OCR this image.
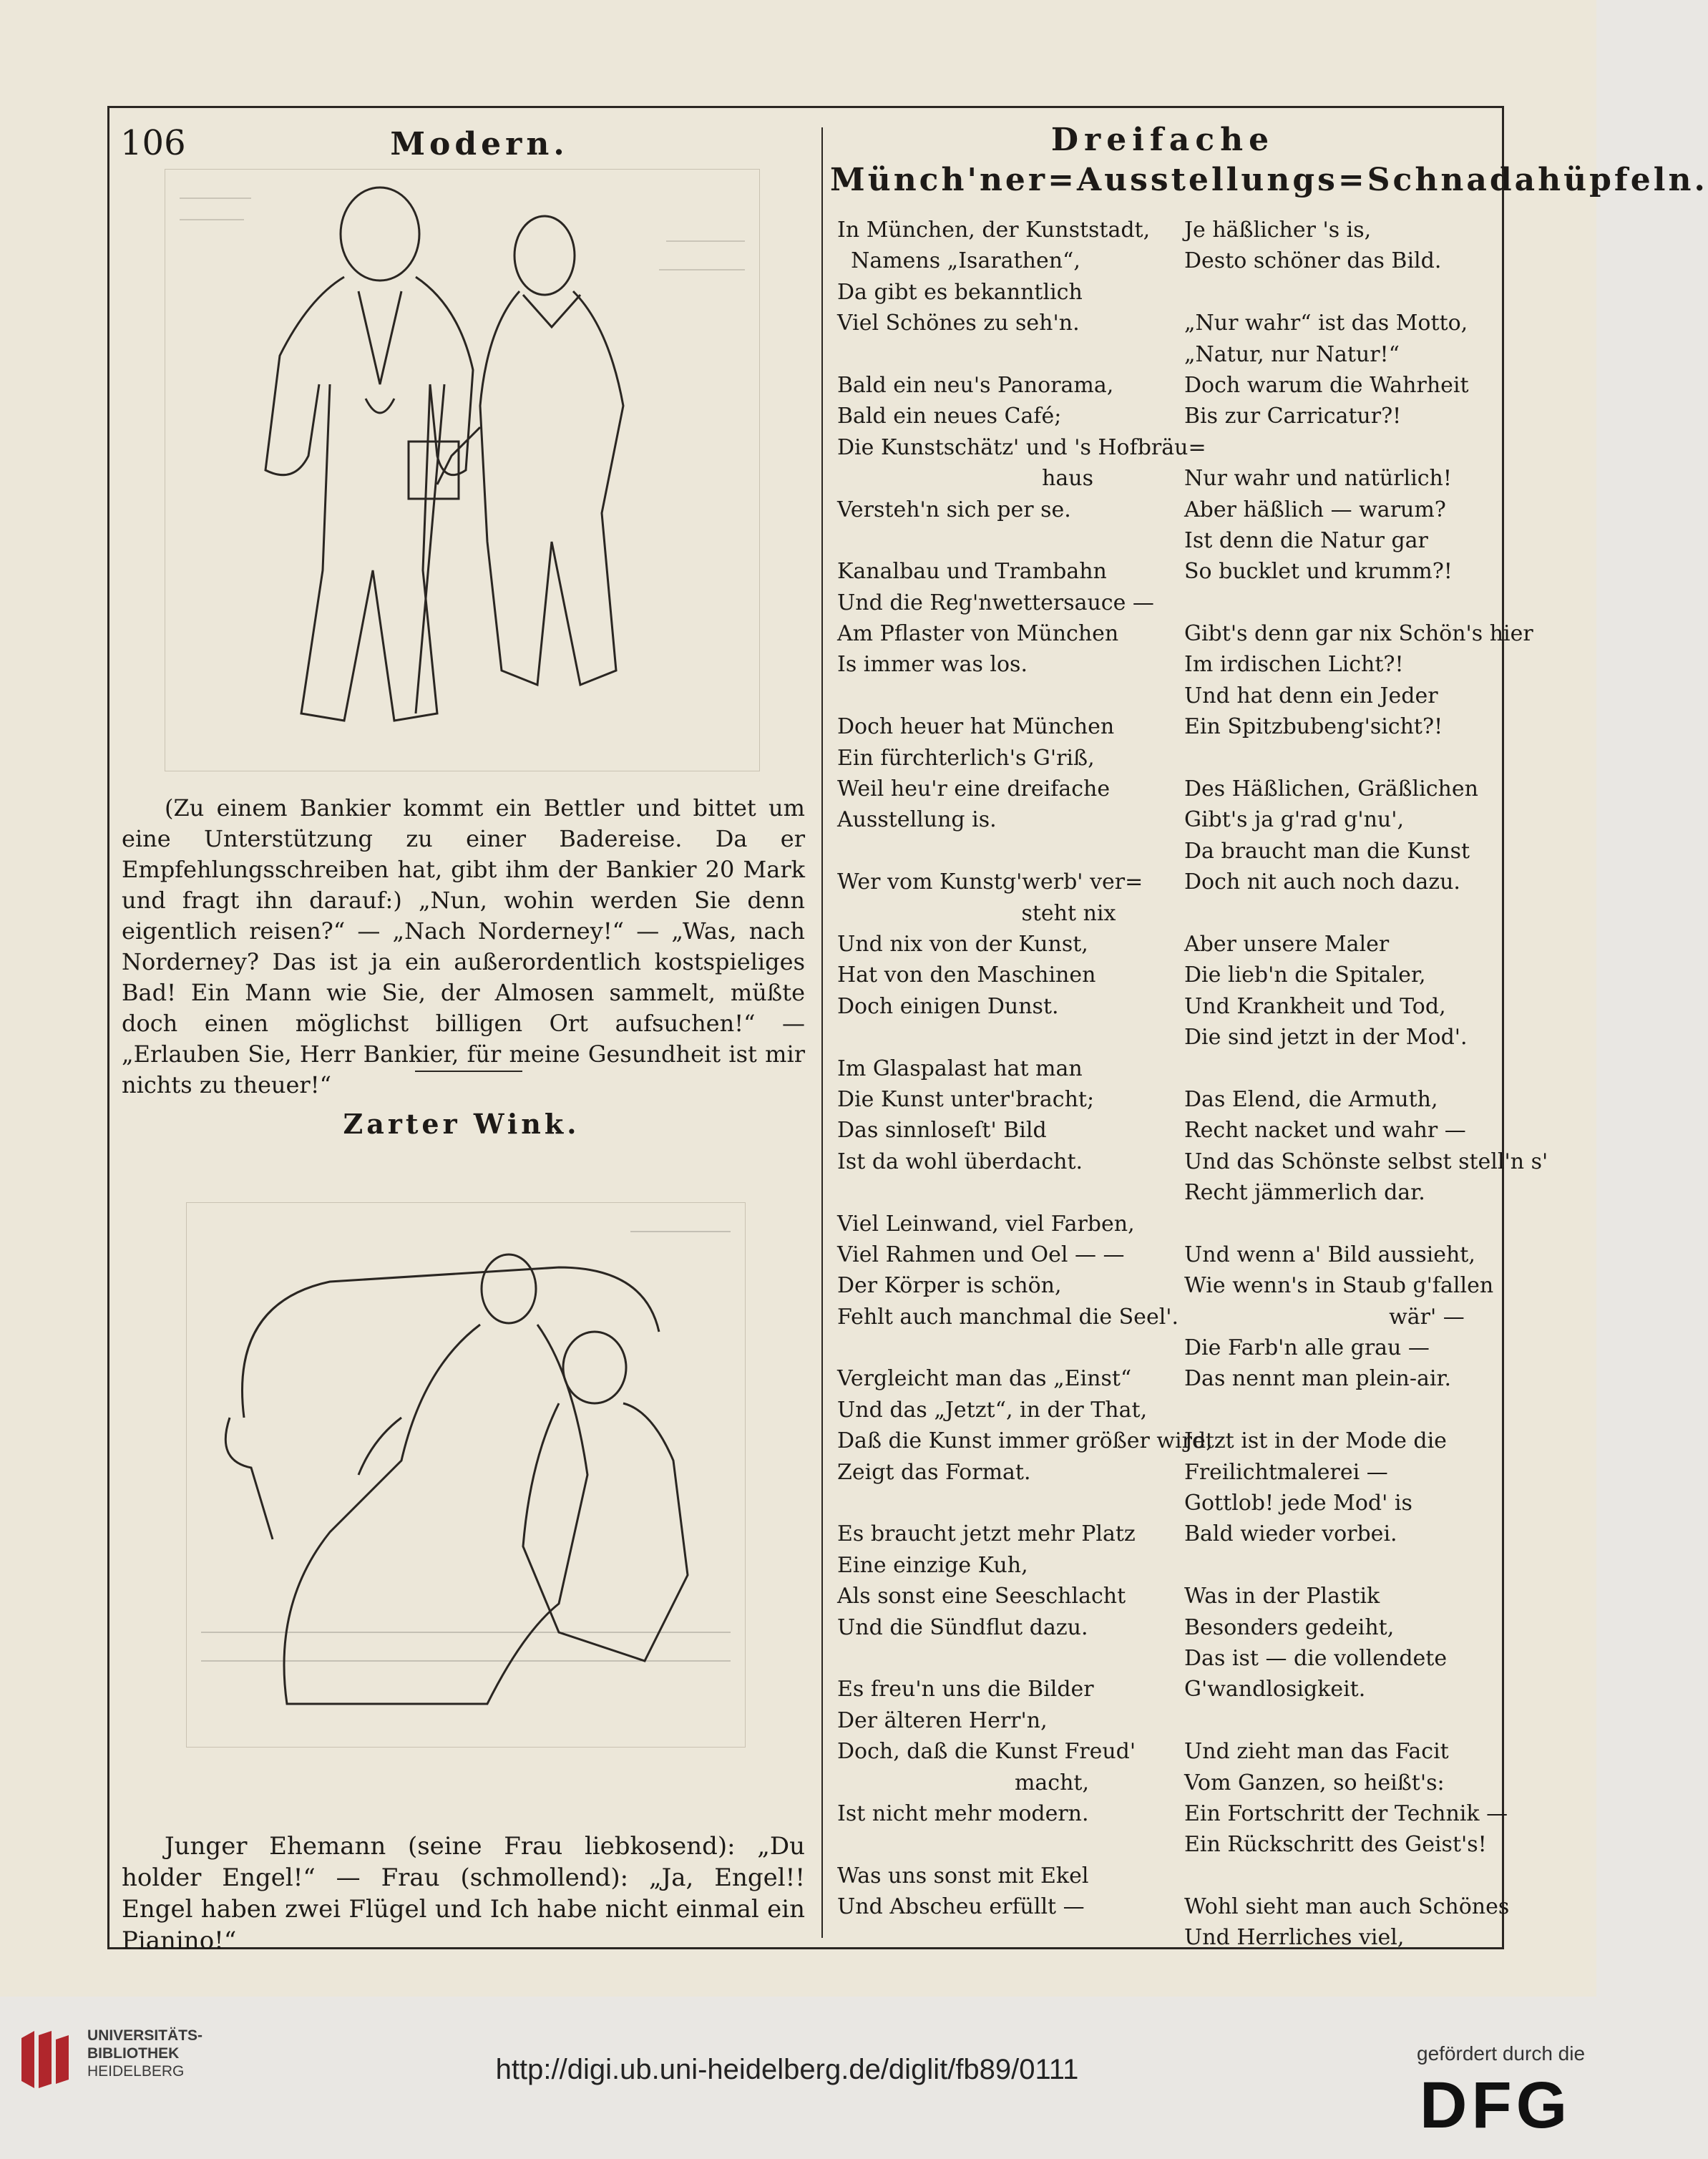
106	Modern.	Dreifache
Münch'ner=Ausstellungs=Schnadahüpfeln.

(Zu einem Bankier kommt ein Bettler und bittet um eine Unterstützung zu einer Badereise. Da er Empfehlungsschreiben hat, gibt ihm der Bankier 20 Mark und fragt ihn darauf:) „Nun, wohin werden Sie denn eigentlich reisen?“ — „Nach Norderney!“ — „Was, nach Norderney? Das ist ja ein außerordentlich kostspieliges Bad! Ein Mann wie Sie, der Almosen sammelt, müßte doch einen möglichst billigen Ort aufsuchen!“ — „Erlauben Sie, Herr Bankier, für meine Gesundheit ist mir nichts zu theuer!“

Zarter Wink.

Junger Ehemann (seine Frau liebkosend): „Du holder Engel!“ — Frau (schmollend): „Ja, Engel!! Engel haben zwei Flügel und Ich habe nicht einmal ein Pianino!“

In München, der Kunststadt,
Namens „Isarathen“,
Da gibt es bekanntlich
Viel Schönes zu seh'n.
Bald ein neu's Panorama,
Bald ein neues Café;
Die Kunstschätz' und 's Hofbräu=
haus
Versteh'n sich per se.
Kanalbau und Trambahn
Und die Reg'nwettersauce —
Am Pflaster von München
Is immer was los.
Doch heuer hat München
Ein fürchterlich's G'riß,
Weil heu'r eine dreifache
Ausstellung is.
Wer vom Kunstg'werb' ver=
steht nix
Und nix von der Kunst,
Hat von den Maschinen
Doch einigen Dunst.
Im Glaspalast hat man
Die Kunst unter'bracht;
Das sinnloseſt' Bild
Ist da wohl überdacht.
Viel Leinwand, viel Farben,
Viel Rahmen und Oel — —
Der Körper is schön,
Fehlt auch manchmal die Seel'.
Vergleicht man das „Einst“
Und das „Jetzt“, in der That,
Daß die Kunst immer größer wird,
Zeigt das Format.
Es braucht jetzt mehr Platz
Eine einzige Kuh,
Als sonst eine Seeschlacht
Und die Sündflut dazu.
Es freu'n uns die Bilder
Der älteren Herr'n,
Doch, daß die Kunst Freud'
macht,
Ist nicht mehr modern.
Was uns sonst mit Ekel
Und Abscheu erfüllt —
Je häßlicher 's is,
Desto schöner das Bild.
„Nur wahr“ ist das Motto,
„Natur, nur Natur!“
Doch warum die Wahrheit
Bis zur Carricatur?!
Nur wahr und natürlich!
Aber häßlich — warum?
Ist denn die Natur gar
So bucklet und krumm?!
Gibt's denn gar nix Schön's hier
Im irdischen Licht?!
Und hat denn ein Jeder
Ein Spitzbubeng'sicht?!
Des Häßlichen, Gräßlichen
Gibt's ja g'rad g'nu',
Da braucht man die Kunst
Doch nit auch noch dazu.
Aber unsere Maler
Die lieb'n die Spitaler,
Und Krankheit und Tod,
Die sind jetzt in der Mod'.
Das Elend, die Armuth,
Recht nacket und wahr —
Und das Schönste selbst stell'n s'
Recht jämmerlich dar.
Und wenn a' Bild aussieht,
Wie wenn's in Staub g'fallen
wär' —
Die Farb'n alle grau —
Das nennt man plein-air.
Jetzt ist in der Mode die
Freilichtmalerei —
Gottlob! jede Mod' is
Bald wieder vorbei.
Was in der Plastik
Besonders gedeiht,
Das ist — die vollendete
G'wandlosigkeit.
Und zieht man das Facit
Vom Ganzen, so heißt's:
Ein Fortschritt der Technik —
Ein Rückschritt des Geist's!
Wohl sieht man auch Schönes
Und Herrliches viel,
UNIVERSITÄTS-
BIBLIOTHEK
HEIDELBERG	http://digi.ub.uni-heidelberg.de/diglit/fb89/0111
gefördert durch die
DFG
